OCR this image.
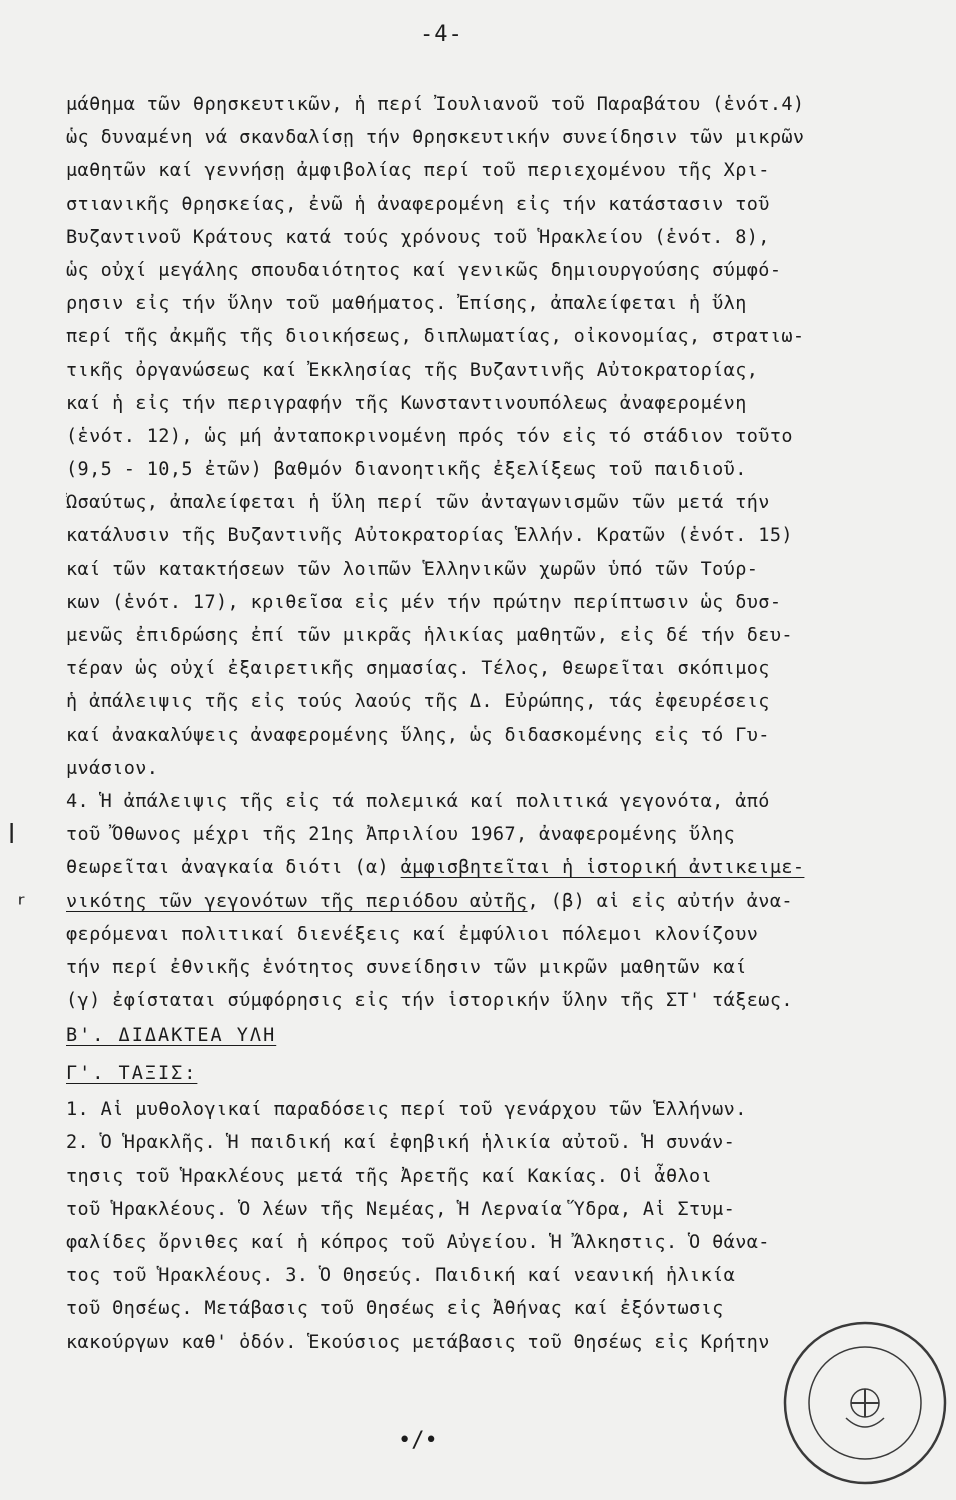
-4-
ⅼ
ʳ
μάθημα τῶν θρησκευτικῶν, ἡ περί Ἰουλιανοῦ τοῦ Παραβάτου (ἑνότ.4)
ὡς δυναμένη νά σκανδαλίσῃ τήν θρησκευτικήν συνείδησιν τῶν μικρῶν
μαθητῶν καί γεννήσῃ ἀμφιβολίας περί τοῦ περιεχομένου τῆς Χρι-
στιανικῆς θρησκείας, ἐνῶ ἡ ἀναφερομένη εἰς τήν κατάστασιν τοῦ
Βυζαντινοῦ Κράτους κατά τούς χρόνους τοῦ Ἡρακλείου (ἑνότ. 8),
ὡς οὐχί μεγάλης σπουδαιότητος καί γενικῶς δημιουργούσης σύμφό-
ρησιν εἰς τήν ὕλην τοῦ μαθήματος. Ἐπίσης, ἀπαλείφεται ἡ ὕλη
περί τῆς ἀκμῆς τῆς διοικήσεως, διπλωματίας, οἰκονομίας, στρατιω-
τικῆς ὀργανώσεως καί Ἐκκλησίας τῆς Βυζαντινῆς Αὐτοκρατορίας,
καί ἡ εἰς τήν περιγραφήν τῆς Κωνσταντινουπόλεως ἀναφερομένη
(ἑνότ. 12), ὡς μή ἀνταποκρινομένη πρός τόν εἰς τό στάδιον τοῦτο
(9,5 - 10,5 ἐτῶν) βαθμόν διανοητικῆς ἐξελίξεως τοῦ παιδιοῦ.
Ὡσαύτως, ἀπαλείφεται ἡ ὕλη περί τῶν ἀνταγωνισμῶν τῶν μετά τήν
κατάλυσιν τῆς Βυζαντινῆς Αὐτοκρατορίας Ἑλλήν. Κρατῶν (ἑνότ. 15)
καί τῶν κατακτήσεων τῶν λοιπῶν Ἑλληνικῶν χωρῶν ὑπό τῶν Τούρ-
κων (ἑνότ. 17), κριθεῖσα εἰς μέν τήν πρώτην περίπτωσιν ὡς δυσ-
μενῶς ἐπιδρώσης ἐπί τῶν μικρᾶς ἡλικίας μαθητῶν, εἰς δέ τήν δευ-
τέραν ὡς οὐχί ἐξαιρετικῆς σημασίας. Τέλος, θεωρεῖται σκόπιμος
ἡ ἀπάλειψις τῆς εἰς τούς λαούς τῆς Δ. Εὐρώπης, τάς ἐφευρέσεις
καί ἀνακαλύψεις ἀναφερομένης ὕλης, ὡς διδασκομένης εἰς τό Γυ-
μνάσιον.
4. Ἡ ἀπάλειψις τῆς εἰς τά πολεμικά καί πολιτικά γεγονότα, ἀπό
τοῦ Ὄθωνος μέχρι τῆς 21ης Ἀπριλίου 1967, ἀναφερομένης ὕλης
θεωρεῖται ἀναγκαία διότι (α) ἀμφισβητεῖται ἡ ἱστορική ἀντικειμε-
νικότης τῶν γεγονότων τῆς περιόδου αὐτῆς, (β) αἱ εἰς αὐτήν ἀνα-
φερόμεναι πολιτικαί διενέξεις καί ἐμφύλιοι πόλεμοι κλονίζουν
τήν περί ἐθνικῆς ἑνότητος συνείδησιν τῶν μικρῶν μαθητῶν καί
(γ) ἐφίσταται σύμφόρησις εἰς τήν ἱστορικήν ὕλην τῆς ΣΤ' τάξεως.
Β'. ΔΙΔΑΚΤΕΑ ΥΛΗ
Γ'. ΤΑΞΙΣ:
1. Αἱ μυθολογικαί παραδόσεις περί τοῦ γενάρχου τῶν Ἑλλήνων.
2. Ὁ Ἡρακλῆς. Ἡ παιδική καί ἐφηβική ἡλικία αὐτοῦ. Ἡ συνάν-
τησις τοῦ Ἡρακλέους μετά τῆς Ἀρετῆς καί Κακίας. Οἱ ἆθλοι
τοῦ Ἡρακλέους. Ὁ λέων τῆς Νεμέας, Ἡ Λερναία Ὕδρα, Αἱ Στυμ-
φαλίδες ὄρνιθες καί ἡ κόπρος τοῦ Αὐγείου. Ἡ Ἄλκηστις. Ὁ θάνα-
τος τοῦ Ἡρακλέους. 3. Ὁ Θησεύς. Παιδική καί νεανική ἡλικία
τοῦ Θησέως. Μετάβασις τοῦ Θησέως εἰς Ἀθήνας καί ἐξόντωσις
κακούργων καθ' ὁδόν. Ἑκούσιος μετάβασις τοῦ Θησέως εἰς Κρήτην
•/•
